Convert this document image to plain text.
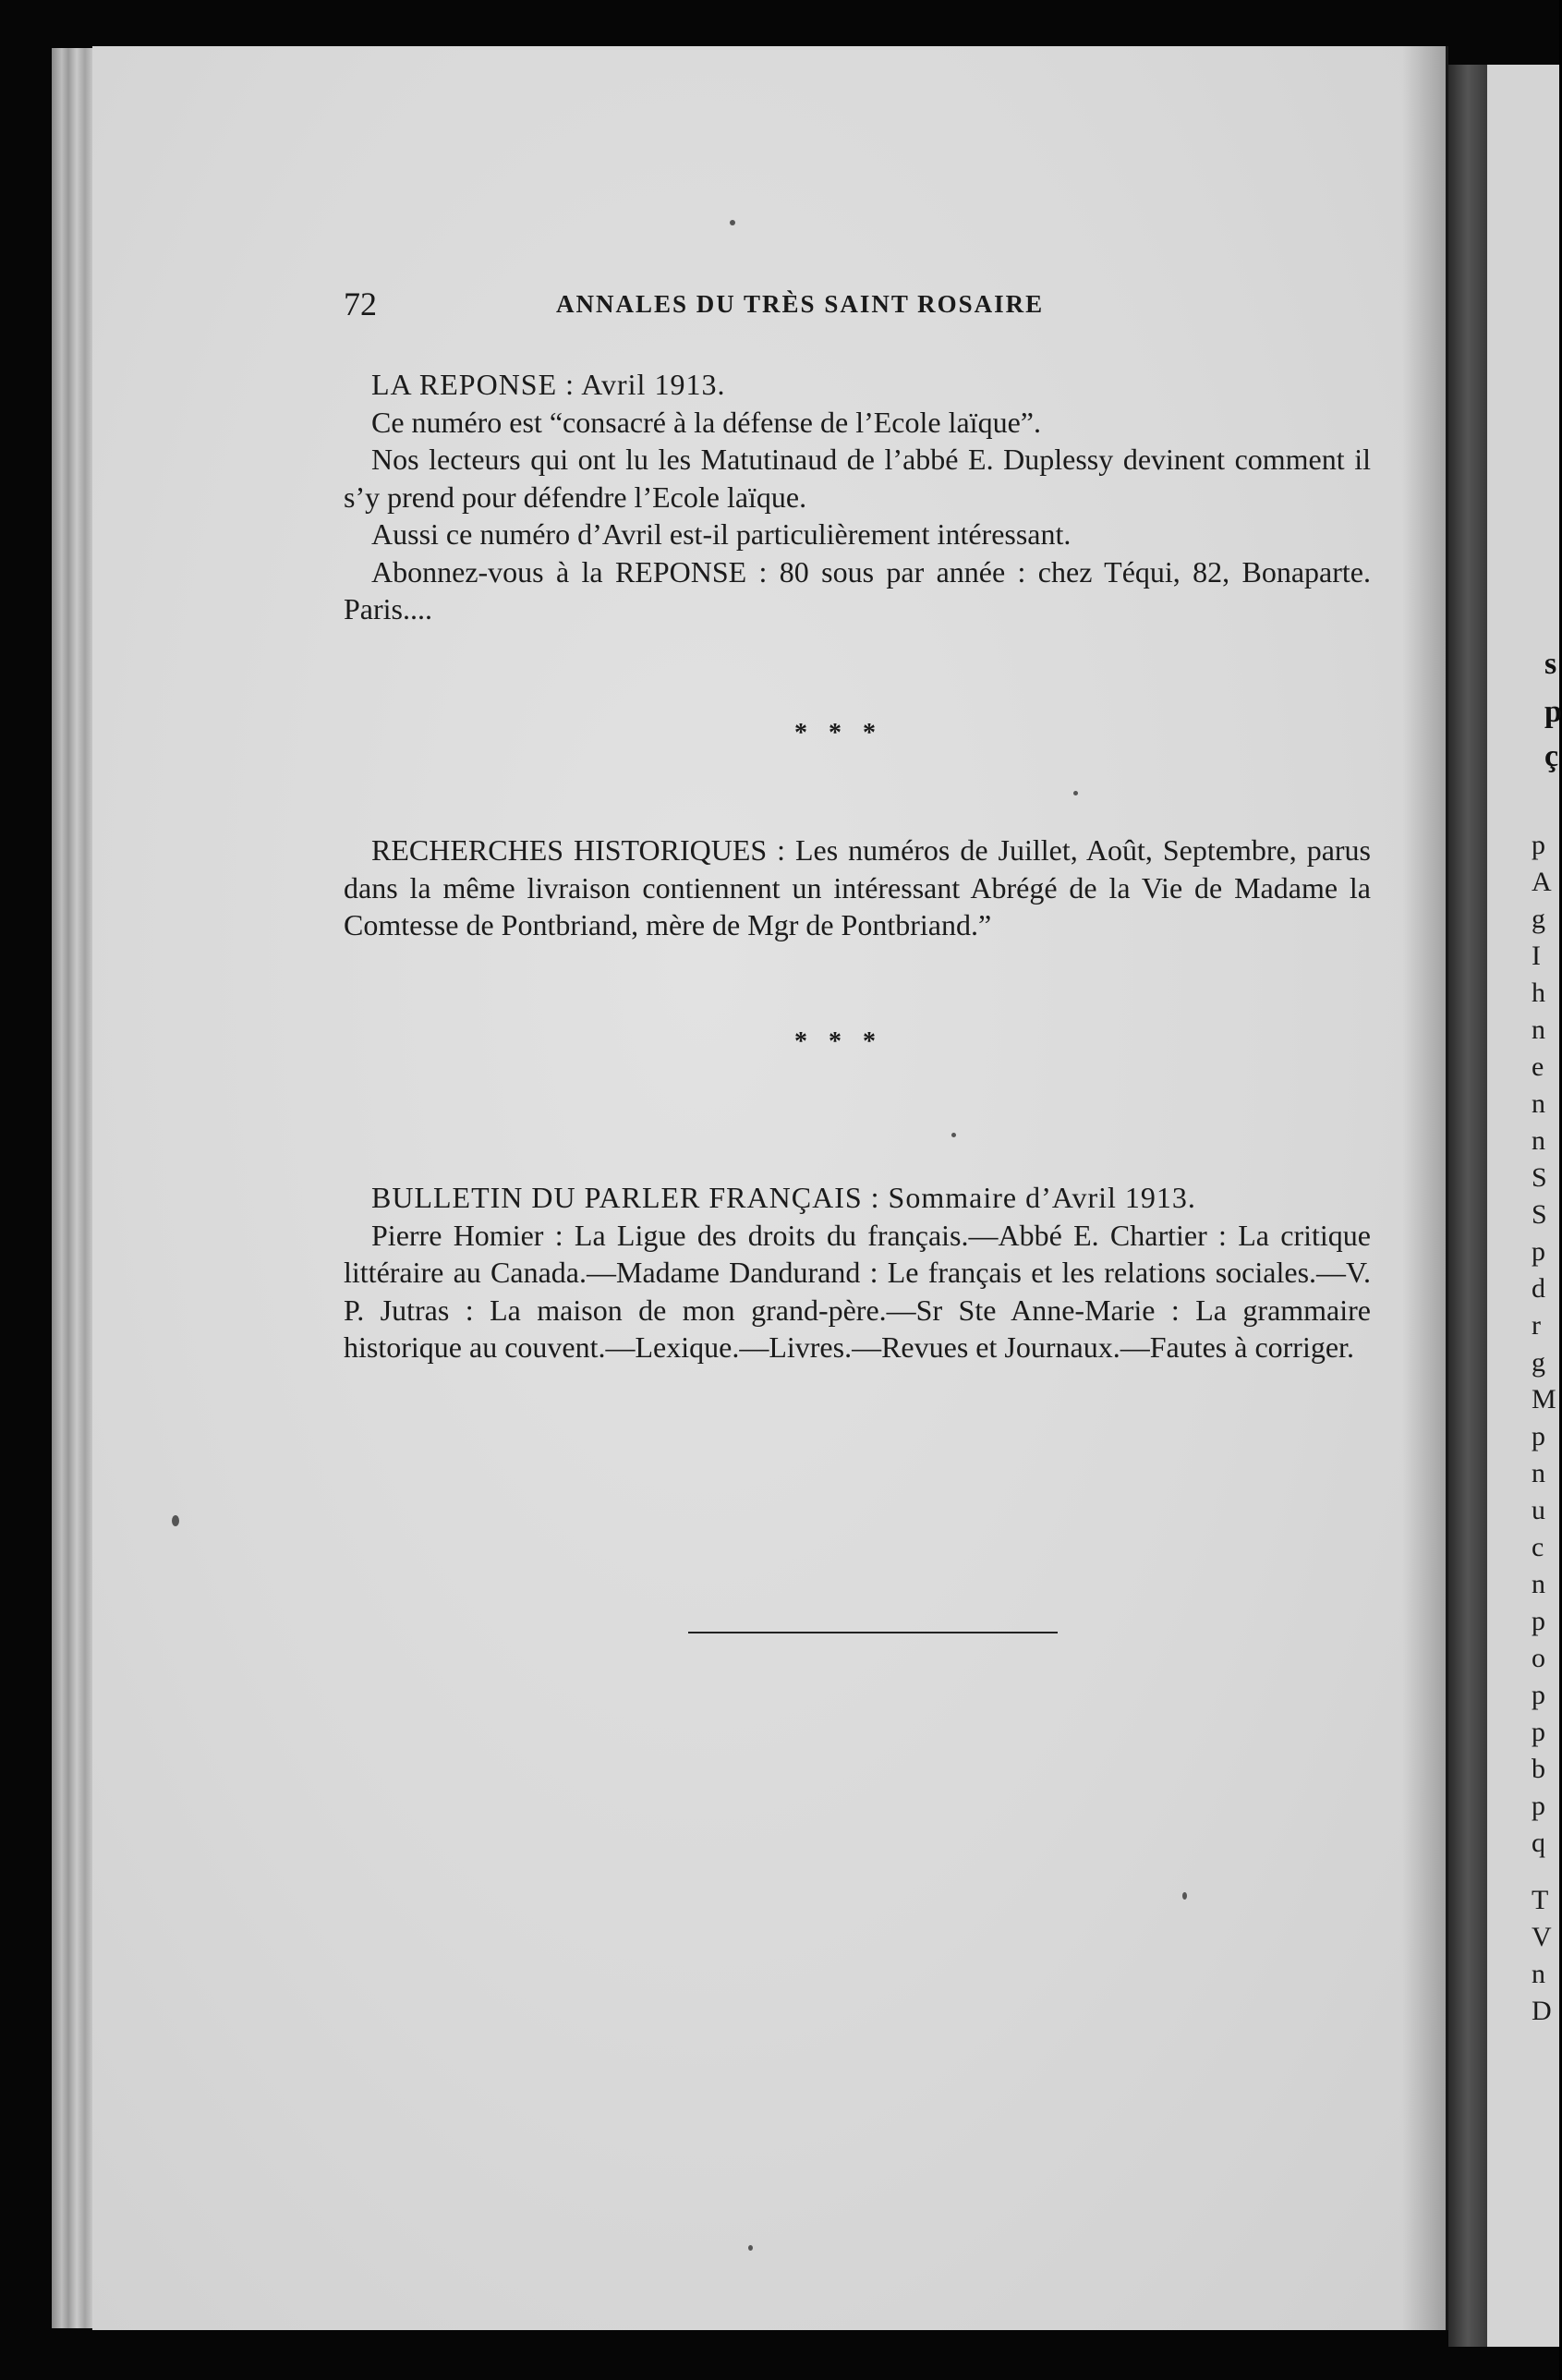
72	ANNALES DU TRÈS SAINT ROSAIRE

LA REPONSE : Avril 1913.

Ce numéro est “consacré à la défense de l’Ecole laïque”.

Nos lecteurs qui ont lu les Matutinaud de l’abbé E. Duplessy devinent comment il s’y prend pour défendre l’Ecole laïque.

Aussi ce numéro d’Avril est-il particulièrement intéressant.

Abonnez-vous à la REPONSE : 80 sous par année : chez Téqui, 82, Bonaparte. Paris....

* * *

RECHERCHES HISTORIQUES : Les numéros de Juillet, Août, Septembre, parus dans la même livraison contiennent un intéressant Abrégé de la Vie de Madame la Comtesse de Pontbriand, mère de Mgr de Pontbriand.”

* * *

BULLETIN DU PARLER FRANÇAIS : Sommaire d’Avril 1913.

Pierre Homier : La Ligue des droits du français.—Abbé E. Chartier : La critique littéraire au Canada.—Madame Dandurand : Le français et les relations sociales.—V. P. Jutras : La maison de mon grand-père.—Sr Ste Anne-Marie : La grammaire historique au couvent.—Lexique.—Livres.—Revues et Journaux.—Fautes à corriger.

s
p
ç
p
A
g
I
h
n
e
n
n
S
S
p
d
r
g
M
p
n
u
c
n
p
o
p
p
b
p
q
T
V
n
D
